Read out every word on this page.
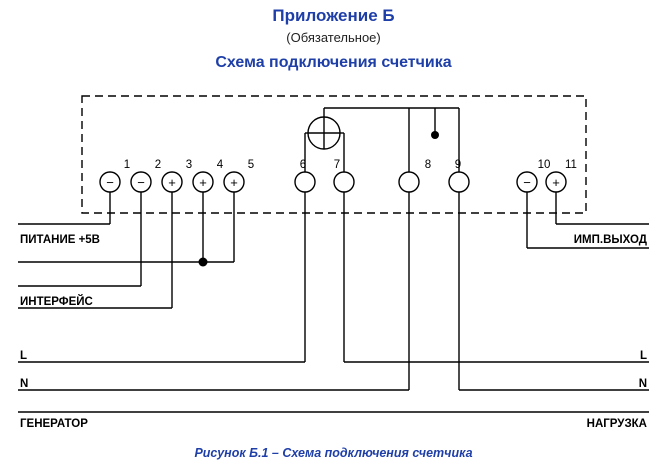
Приложение Б
(Обязательное)
Схема подключения счетчика
− − + + +	− +
1 2 3 4 5	6 7	8 9	10 11
ПИТАНИЕ +5В
ИНТЕРФЕЙС
ИМП.ВЫХОД
L
N
L
N
ГЕНЕРАТОР	НАГРУЗКА
Рисунок Б.1 – Схема подключения счетчика
